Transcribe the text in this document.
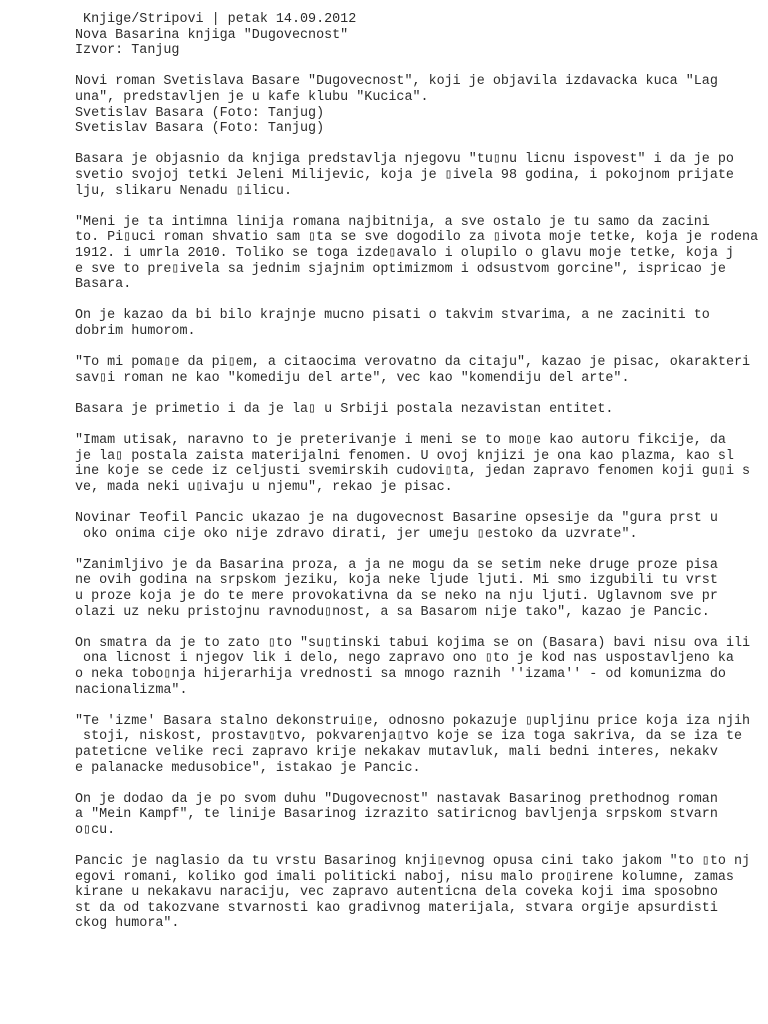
Knjige/Stripovi | petak 14.09.2012
Nova Basarina knjiga "Dugovecnost"
Izvor: Tanjug
Novi roman Svetislava Basare "Dugovecnost", koji je objavila izdavacka kuca "Lag
una", predstavljen je u kafe klubu "Kucica".
Svetislav Basara (Foto: Tanjug)
Svetislav Basara (Foto: Tanjug)
Basara je objasnio da knjiga predstavlja njegovu "tu▯nu licnu ispovest" i da je po
svetio svojoj tetki Jeleni Milijevic, koja je ▯ivela 98 godina, i pokojnom prijate
lju, slikaru Nenadu ▯ilicu.
"Meni je ta intimna linija romana najbitnija, a sve ostalo je tu samo da zacini
to. Pi▯uci roman shvatio sam ▯ta se sve dogodilo za ▯ivota moje tetke, koja je rodena
1912. i umrla 2010. Toliko se toga izde▯avalo i olupilo o glavu moje tetke, koja j
e sve to pre▯ivela sa jednim sjajnim optimizmom i odsustvom gorcine", ispricao je
Basara.
On je kazao da bi bilo krajnje mucno pisati o takvim stvarima, a ne zaciniti to
dobrim humorom.
"To mi poma▯e da pi▯em, a citaocima verovatno da citaju", kazao je pisac, okarakteri
sav▯i roman ne kao "komediju del arte", vec kao "komendiju del arte".
Basara je primetio i da je la▯ u Srbiji postala nezavistan entitet.
"Imam utisak, naravno to je preterivanje i meni se to mo▯e kao autoru fikcije, da
je la▯ postala zaista materijalni fenomen. U ovoj knjizi je ona kao plazma, kao sl
ine koje se cede iz celjusti svemirskih cudovi▯ta, jedan zapravo fenomen koji gu▯i s
ve, mada neki u▯ivaju u njemu", rekao je pisac.
Novinar Teofil Pancic ukazao je na dugovecnost Basarine opsesije da "gura prst u
oko onima cije oko nije zdravo dirati, jer umeju ▯estoko da uzvrate".
"Zanimljivo je da Basarina proza, a ja ne mogu da se setim neke druge proze pisa
ne ovih godina na srpskom jeziku, koja neke ljude ljuti. Mi smo izgubili tu vrst
u proze koja je do te mere provokativna da se neko na nju ljuti. Uglavnom sve pr
olazi uz neku pristojnu ravnodu▯nost, a sa Basarom nije tako", kazao je Pancic.
On smatra da je to zato ▯to "su▯tinski tabui kojima se on (Basara) bavi nisu ova ili
ona licnost i njegov lik i delo, nego zapravo ono ▯to je kod nas uspostavljeno ka
o neka tobo▯nja hijerarhija vrednosti sa mnogo raznih ''izama'' - od komunizma do
nacionalizma".
"Te 'izme' Basara stalno dekonstrui▯e, odnosno pokazuje ▯upljinu price koja iza njih
stoji, niskost, prostav▯tvo, pokvarenja▯tvo koje se iza toga sakriva, da se iza te
pateticne velike reci zapravo krije nekakav mutavluk, mali bedni interes, nekakv
e palanacke medusobice", istakao je Pancic.
On je dodao da je po svom duhu "Dugovecnost" nastavak Basarinog prethodnog roman
a "Mein Kampf", te linije Basarinog izrazito satiricnog bavljenja srpskom stvarn
o▯cu.
Pancic je naglasio da tu vrstu Basarinog knji▯evnog opusa cini tako jakom "to ▯to nj
egovi romani, koliko god imali politicki naboj, nisu malo pro▯irene kolumne, zamas
kirane u nekakavu naraciju, vec zapravo autenticna dela coveka koji ima sposobno
st da od takozvane stvarnosti kao gradivnog materijala, stvara orgije apsurdisti
ckog humora".
